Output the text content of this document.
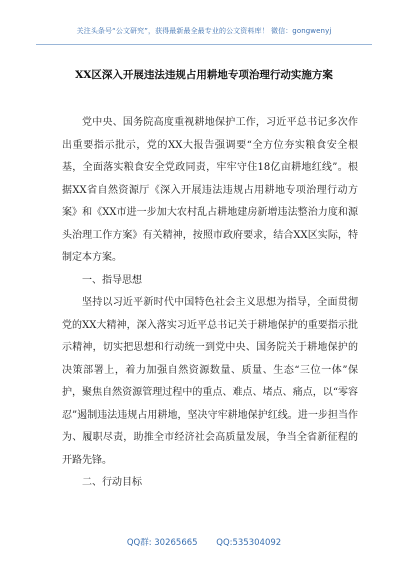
关注头条号“公文研究”，获得最新最全最专业的公文资料库！ 微信：gongwenyj
XX区深入开展违法违规占用耕地专项治理行动实施方案

党中央、国务院高度重视耕地保护工作，习近平总书记多次作出重要指示批示，党的XX大报告强调要“全方位夯实粮食安全根基，全面落实粮食安全党政同责，牢牢守住18亿亩耕地红线”。根据XX省自然资源厅《深入开展违法违规占用耕地专项治理行动方案》和《XX市进一步加大农村乱占耕地建房新增违法整治力度和源头治理工作方案》有关精神，按照市政府要求，结合XX区实际，特制定本方案。

一、指导思想

坚持以习近平新时代中国特色社会主义思想为指导，全面贯彻党的XX大精神，深入落实习近平总书记关于耕地保护的重要指示批示精神，切实把思想和行动统一到党中央、国务院关于耕地保护的决策部署上，着力加强自然资源数量、质量、生态“三位一体”保护，聚焦自然资源管理过程中的重点、难点、堵点、痛点，以“零容忍”遏制违法违规占用耕地，坚决守牢耕地保护红线。进一步担当作为、履职尽责，助推全市经济社会高质量发展，争当全省新征程的开路先锋。

二、行动目标

QQ群: 30265665 QQ:535304092
